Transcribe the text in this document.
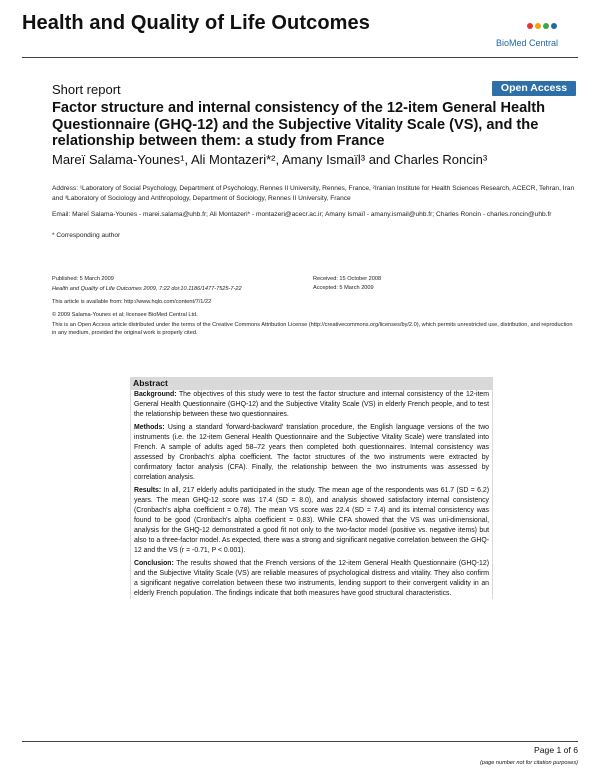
Health and Quality of Life Outcomes
BioMed Central
Short report	Open Access
Factor structure and internal consistency of the 12-item General Health Questionnaire (GHQ-12) and the Subjective Vitality Scale (VS), and the relationship between them: a study from France
Mareï Salama-Younes¹, Ali Montazeri*², Amany Ismaïl³ and Charles Roncin³
Address: ¹Laboratory of Social Psychology, Department of Psychology, Rennes II University, Rennes, France, ²Iranian Institute for Health Sciences Research, ACECR, Tehran, Iran and ³Laboratory of Sociology and Anthropology, Department of Sociology, Rennes II University, France
Email: Mareï Salama-Younes - marei.salama@uhb.fr; Ali Montazeri* - montazeri@acecr.ac.ir; Amany Ismaïl - amany.ismail@uhb.fr; Charles Roncin - charles.roncin@uhb.fr
* Corresponding author
Published: 5 March 2009
Health and Quality of Life Outcomes 2009, 7:22 doi:10.1186/1477-7525-7-22
This article is available from: http://www.hqlo.com/content/7/1/22
Received: 15 October 2008
Accepted: 5 March 2009
© 2009 Salama-Younes et al; licensee BioMed Central Ltd.
This is an Open Access article distributed under the terms of the Creative Commons Attribution License (http://creativecommons.org/licenses/by/2.0), which permits unrestricted use, distribution, and reproduction in any medium, provided the original work is properly cited.
Abstract

Background: The objectives of this study were to test the factor structure and internal consistency of the 12-item General Health Questionnaire (GHQ-12) and the Subjective Vitality Scale (VS) in elderly French people, and to test the relationship between these two questionnaires.

Methods: Using a standard 'forward-backward' translation procedure, the English language versions of the two instruments (i.e. the 12-item General Health Questionnaire and the Subjective Vitality Scale) were translated into French. A sample of adults aged 58–72 years then completed both questionnaires. Internal consistency was assessed by Cronbach's alpha coefficient. The factor structures of the two instruments were extracted by confirmatory factor analysis (CFA). Finally, the relationship between the two instruments was assessed by correlation analysis.

Results: In all, 217 elderly adults participated in the study. The mean age of the respondents was 61.7 (SD = 6.2) years. The mean GHQ-12 score was 17.4 (SD = 8.0), and analysis showed satisfactory internal consistency (Cronbach's alpha coefficient = 0.78). The mean VS score was 22.4 (SD = 7.4) and its internal consistency was found to be good (Cronbach's alpha coefficient = 0.83). While CFA showed that the VS was uni-dimensional, analysis for the GHQ-12 demonstrated a good fit not only to the two-factor model (positive vs. negative items) but also to a three-factor model. As expected, there was a strong and significant negative correlation between the GHQ-12 and the VS (r = -0.71, P < 0.001).

Conclusion: The results showed that the French versions of the 12-item General Health Questionnaire (GHQ-12) and the Subjective Vitality Scale (VS) are reliable measures of psychological distress and vitality. They also confirm a significant negative correlation between these two instruments, lending support to their convergent validity in an elderly French population. The findings indicate that both measures have good structural characteristics.

Page 1 of 6
(page number not for citation purposes)
